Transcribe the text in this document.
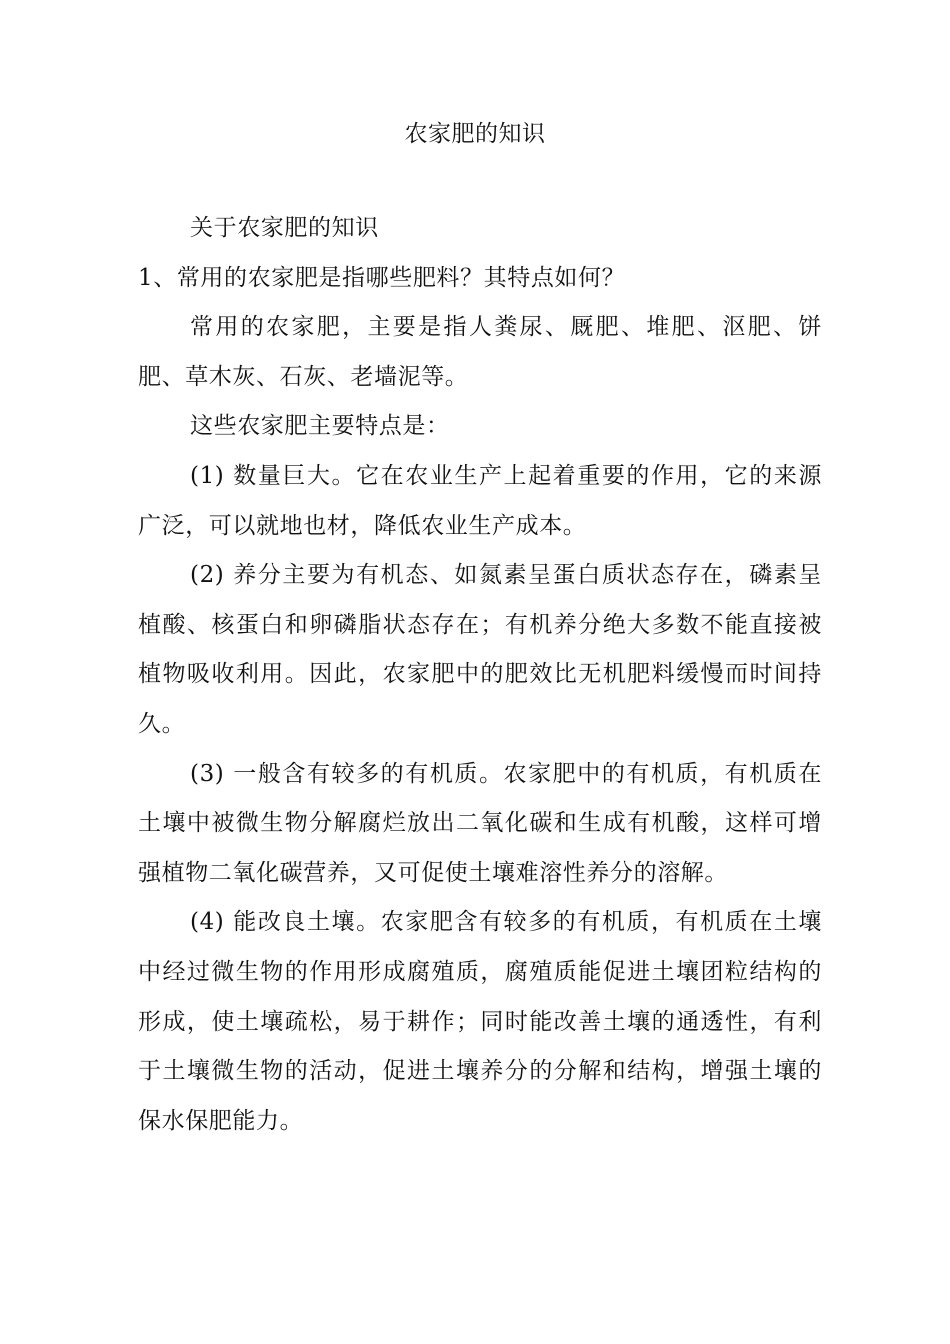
农家肥的知识

关于农家肥的知识

1、常用的农家肥是指哪些肥料？其特点如何？

常用的农家肥，主要是指人粪尿、厩肥、堆肥、沤肥、饼肥、草木灰、石灰、老墙泥等。

这些农家肥主要特点是：

(1) 数量巨大。它在农业生产上起着重要的作用，它的来源广泛，可以就地也材，降低农业生产成本。

(2) 养分主要为有机态、如氮素呈蛋白质状态存在，磷素呈植酸、核蛋白和卵磷脂状态存在；有机养分绝大多数不能直接被植物吸收利用。因此，农家肥中的肥效比无机肥料缓慢而时间持久。

(3) 一般含有较多的有机质。农家肥中的有机质，有机质在土壤中被微生物分解腐烂放出二氧化碳和生成有机酸，这样可增强植物二氧化碳营养，又可促使土壤难溶性养分的溶解。

(4) 能改良土壤。农家肥含有较多的有机质，有机质在土壤中经过微生物的作用形成腐殖质，腐殖质能促进土壤团粒结构的形成，使土壤疏松，易于耕作；同时能改善土壤的通透性，有利于土壤微生物的活动，促进土壤养分的分解和结构，增强土壤的保水保肥能力。
